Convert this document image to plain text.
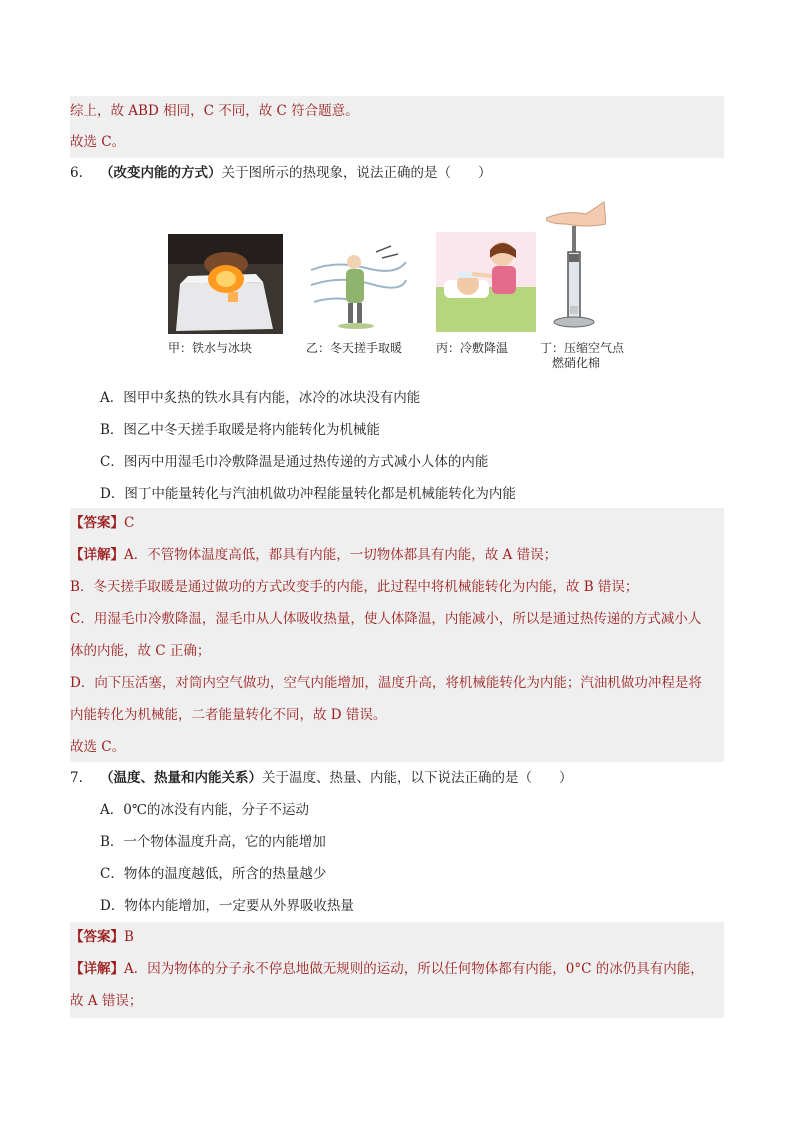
综上，故 ABD 相同，C 不同，故 C 符合题意。
故选 C。
6. （改变内能的方式）关于图所示的热现象，说法正确的是（　　）
甲：铁水与冰块	乙：冬天搓手取暖	丙：冷敷降温	丁：压缩空气点
燃硝化棉
A．图甲中炙热的铁水具有内能，冰冷的冰块没有内能
B．图乙中冬天搓手取暖是将内能转化为机械能
C．图丙中用湿毛巾冷敷降温是通过热传递的方式减小人体的内能
D．图丁中能量转化与汽油机做功冲程能量转化都是机械能转化为内能
【答案】C
【详解】A．不管物体温度高低，都具有内能，一切物体都具有内能，故 A 错误；
B．冬天搓手取暖是通过做功的方式改变手的内能，此过程中将机械能转化为内能，故 B 错误；
C．用湿毛巾冷敷降温，湿毛巾从人体吸收热量，使人体降温，内能减小，所以是通过热传递的方式减小人
体的内能，故 C 正确；
D．向下压活塞，对筒内空气做功，空气内能增加，温度升高，将机械能转化为内能；汽油机做功冲程是将
内能转化为机械能，二者能量转化不同，故 D 错误。
故选 C。
7. （温度、热量和内能关系）关于温度、热量、内能，以下说法正确的是（　　）
A．0℃的冰没有内能，分子不运动
B．一个物体温度升高，它的内能增加
C．物体的温度越低，所含的热量越少
D．物体内能增加，一定要从外界吸收热量
【答案】B
【详解】A．因为物体的分子永不停息地做无规则的运动，所以任何物体都有内能，0°C 的冰仍具有内能，
故 A 错误；
